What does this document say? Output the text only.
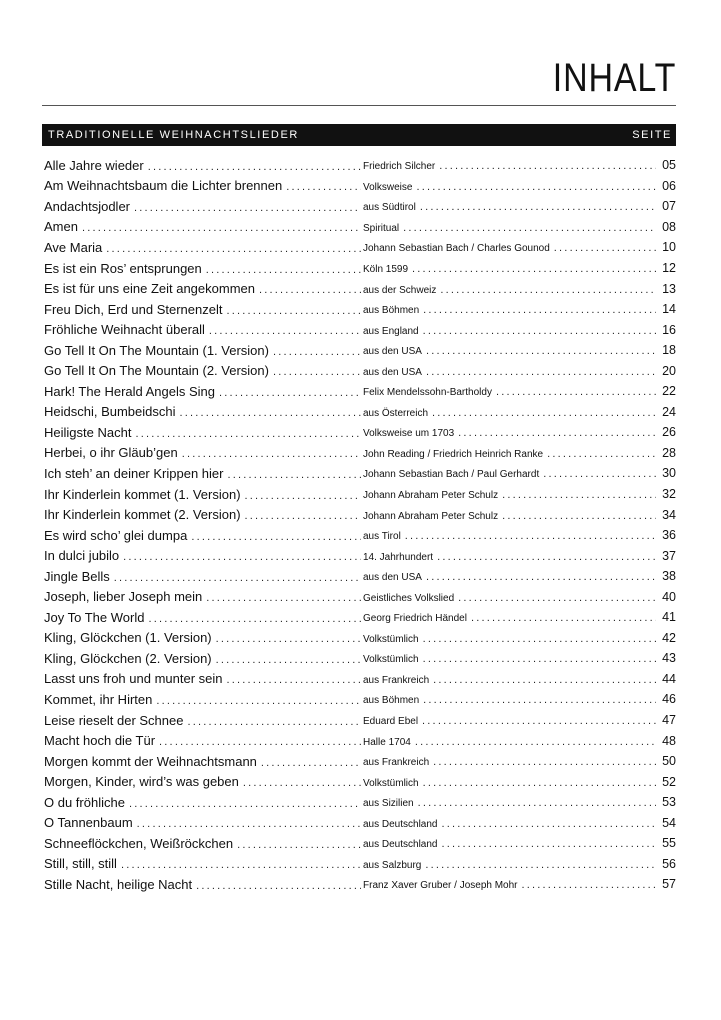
INHALT
TRADITIONELLE WEIHNACHTSLIEDER	SEITE
Alle Jahre wieder .....	Friedrich Silcher .....	05
Am Weihnachtsbaum die Lichter brennen .....	Volksweise .....	06
Andachtsjodler .....	aus Südtirol .....	07
Amen .....	Spiritual .....	08
Ave Maria .....	Johann Sebastian Bach / Charles Gounod .....	10
Es ist ein Ros’ entsprungen .....	Köln 1599 .....	12
Es ist für uns eine Zeit angekommen .....	aus der Schweiz .....	13
Freu Dich, Erd und Sternenzelt .....	aus Böhmen .....	14
Fröhliche Weihnacht überall .....	aus England .....	16
Go Tell It On The Mountain (1. Version) .....	aus den USA .....	18
Go Tell It On The Mountain (2. Version) .....	aus den USA .....	20
Hark! The Herald Angels Sing .....	Felix Mendelssohn-Bartholdy .....	22
Heidschi, Bumbeidschi .....	aus Österreich .....	24
Heiligste Nacht .....	Volksweise um 1703 .....	26
Herbei, o ihr Gläub’gen .....	John Reading / Friedrich Heinrich Ranke .....	28
Ich steh’ an deiner Krippen hier .....	Johann Sebastian Bach / Paul Gerhardt .....	30
Ihr Kinderlein kommet (1. Version) .....	Johann Abraham Peter Schulz .....	32
Ihr Kinderlein kommet (2. Version) .....	Johann Abraham Peter Schulz .....	34
Es wird scho’ glei dumpa .....	aus Tirol .....	36
In dulci jubilo .....	14. Jahrhundert .....	37
Jingle Bells .....	aus den USA .....	38
Joseph, lieber Joseph mein .....	Geistliches Volkslied .....	40
Joy To The World .....	Georg Friedrich Händel .....	41
Kling, Glöckchen (1. Version) .....	Volkstümlich .....	42
Kling, Glöckchen (2. Version) .....	Volkstümlich .....	43
Lasst uns froh und munter sein .....	aus Frankreich .....	44
Kommet, ihr Hirten .....	aus Böhmen .....	46
Leise rieselt der Schnee .....	Eduard Ebel .....	47
Macht hoch die Tür .....	Halle 1704 .....	48
Morgen kommt der Weihnachtsmann .....	aus Frankreich .....	50
Morgen, Kinder, wird’s was geben .....	Volkstümlich .....	52
O du fröhliche .....	aus Sizilien .....	53
O Tannenbaum .....	aus Deutschland .....	54
Schneeflöckchen, Weißröckchen .....	aus Deutschland .....	55
Still, still, still .....	aus Salzburg .....	56
Stille Nacht, heilige Nacht .....	Franz Xaver Gruber / Joseph Mohr .....	57
